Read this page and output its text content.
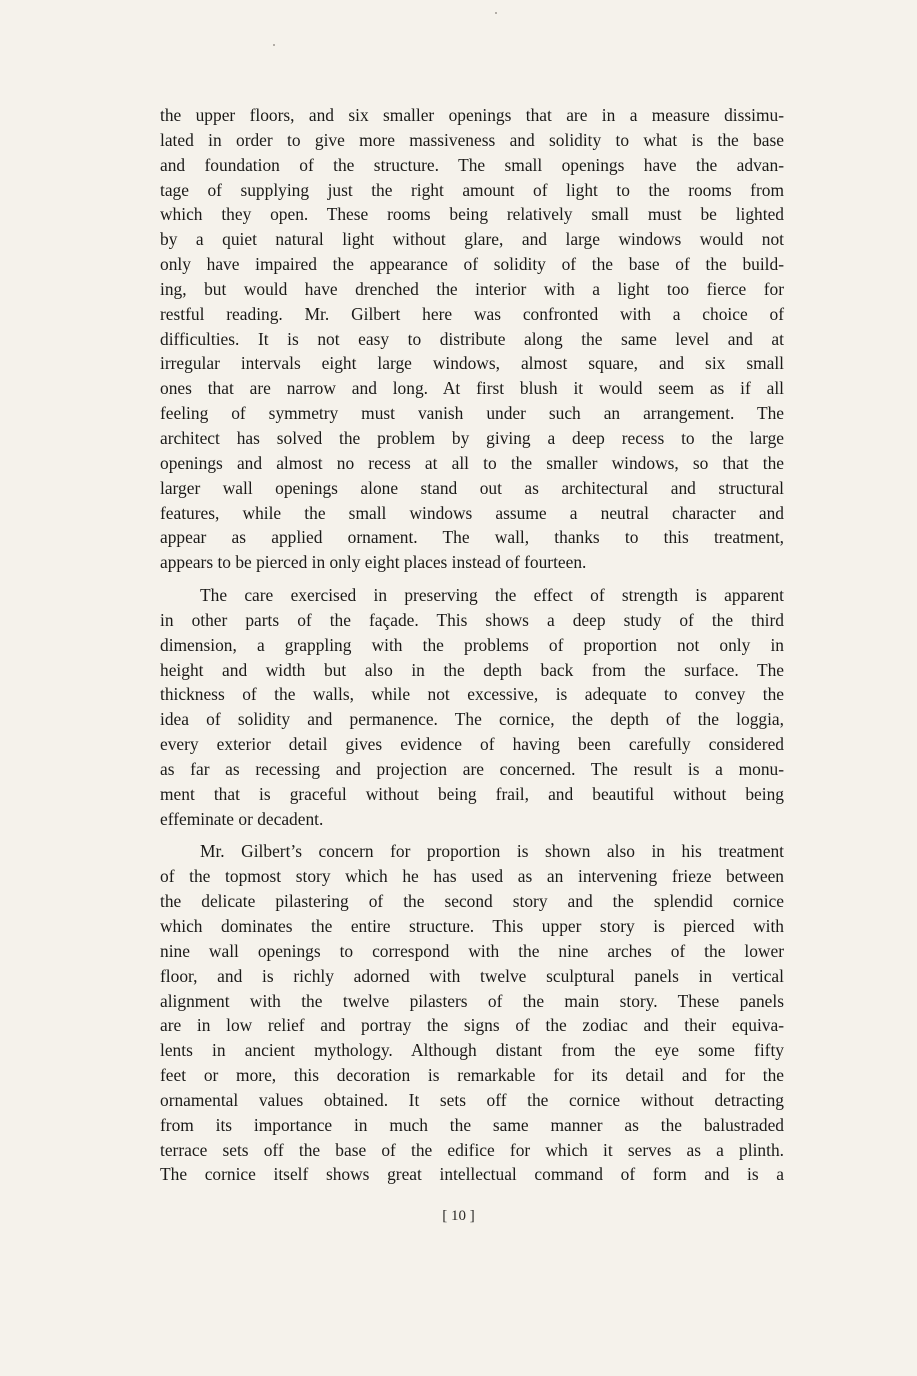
the upper floors, and six smaller openings that are in a measure dissimu-
lated in order to give more massiveness and solidity to what is the base
and foundation of the structure. The small openings have the advan-
tage of supplying just the right amount of light to the rooms from
which they open. These rooms being relatively small must be lighted
by a quiet natural light without glare, and large windows would not
only have impaired the appearance of solidity of the base of the build-
ing, but would have drenched the interior with a light too fierce for
restful reading. Mr. Gilbert here was confronted with a choice of
difficulties. It is not easy to distribute along the same level and at
irregular intervals eight large windows, almost square, and six small
ones that are narrow and long. At first blush it would seem as if all
feeling of symmetry must vanish under such an arrangement. The
architect has solved the problem by giving a deep recess to the large
openings and almost no recess at all to the smaller windows, so that the
larger wall openings alone stand out as architectural and structural
features, while the small windows assume a neutral character and
appear as applied ornament. The wall, thanks to this treatment,
appears to be pierced in only eight places instead of fourteen.
The care exercised in preserving the effect of strength is apparent
in other parts of the façade. This shows a deep study of the third
dimension, a grappling with the problems of proportion not only in
height and width but also in the depth back from the surface. The
thickness of the walls, while not excessive, is adequate to convey the
idea of solidity and permanence. The cornice, the depth of the loggia,
every exterior detail gives evidence of having been carefully considered
as far as recessing and projection are concerned. The result is a monu-
ment that is graceful without being frail, and beautiful without being
effeminate or decadent.
Mr. Gilbert’s concern for proportion is shown also in his treatment
of the topmost story which he has used as an intervening frieze between
the delicate pilastering of the second story and the splendid cornice
which dominates the entire structure. This upper story is pierced with
nine wall openings to correspond with the nine arches of the lower
floor, and is richly adorned with twelve sculptural panels in vertical
alignment with the twelve pilasters of the main story. These panels
are in low relief and portray the signs of the zodiac and their equiva-
lents in ancient mythology. Although distant from the eye some fifty
feet or more, this decoration is remarkable for its detail and for the
ornamental values obtained. It sets off the cornice without detracting
from its importance in much the same manner as the balustraded
terrace sets off the base of the edifice for which it serves as a plinth.
The cornice itself shows great intellectual command of form and is a
[ 10 ]
